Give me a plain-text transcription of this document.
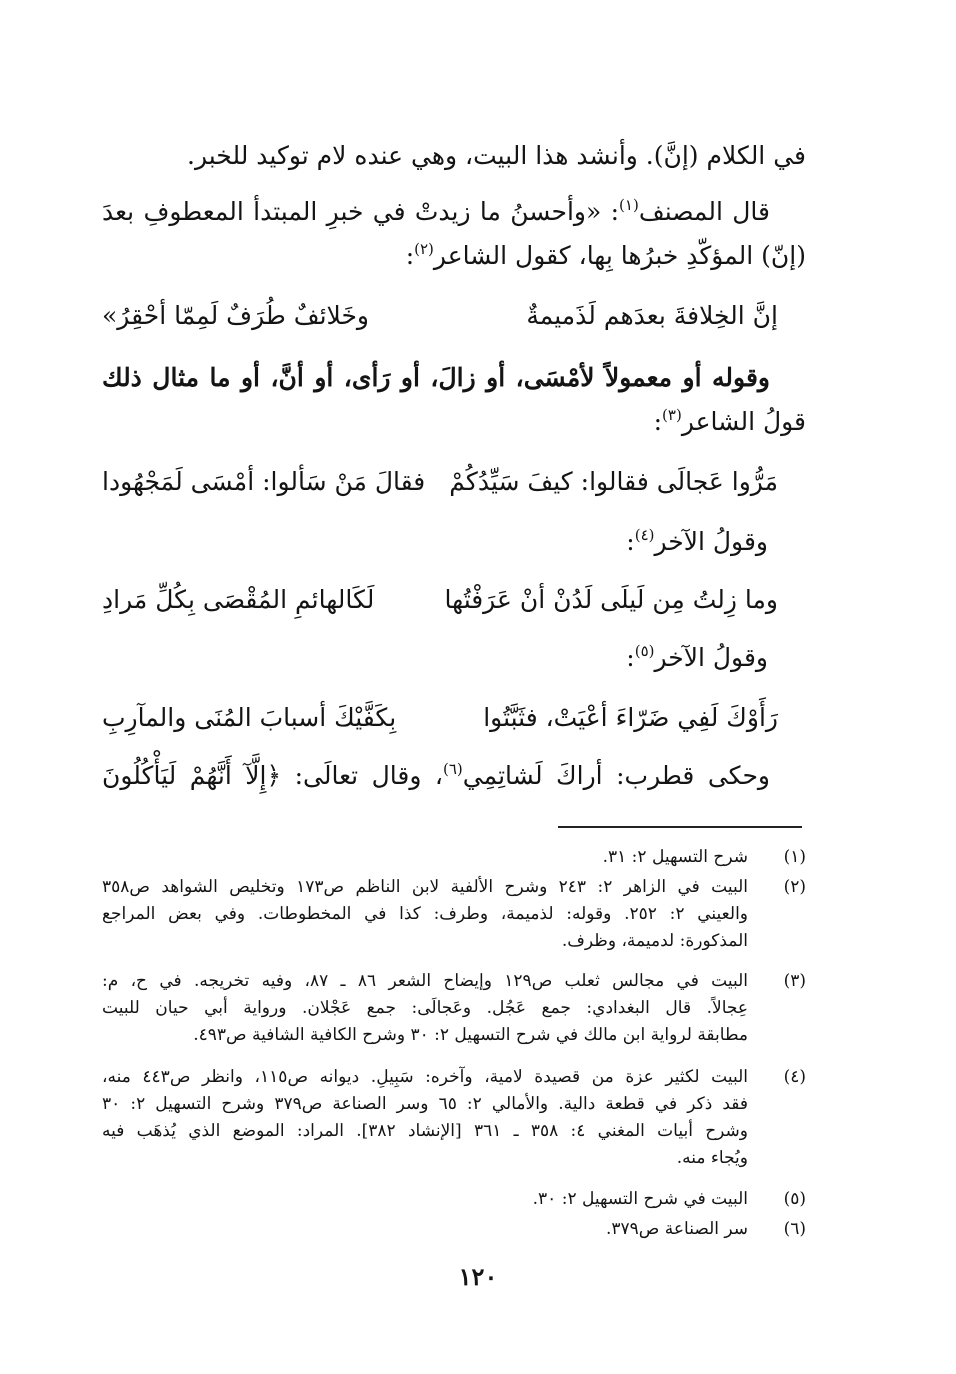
في الكلام (إنَّ). وأنشد هذا البيت، وهي عنده لام توكيد للخبر.
قال المصنف$^{(١)}$: «وأحسنُ ما زيدتْ في خبرِ المبتدأ المعطوفِ بعدَ
(إنّ) المؤكّدِ خبرُها بِها، كقول الشاعر$^{(٢)}$:
إنَّ الخِلافةَ بعدَهم لَذَميمةٌ
وخَلائفٌ طُرَفٌ لَمِمّا أحْقِرُ»
وقوله أو معمولاً لأمْسَى، أو زالَ، أو رَأى، أو أنَّ، أو ما مثال ذلك
قولُ الشاعر$^{(٣)}$:
مَرُّوا عَجالَى فقالوا: كيفَ سَيِّدُكُمْ
فقالَ مَنْ سَألوا: أمْسَى لَمَجْهُودا
وقولُ الآخر$^{(٤)}$:
وما زِلتُ مِن لَيلَى لَدُنْ أنْ عَرَفْتُها
لَكَالهائمِ المُقْصَى بِكُلِّ مَرادِ
وقولُ الآخر$^{(٥)}$:
رَأَوْكَ لَفِي ضَرّاءَ أعْيَتْ، فثَبَّتُوا
بِكَفَّيْكَ أسبابَ المُنَى والمآرِبِ
وحكى قطرب: أراكَ لَشاتِمِي$^{(٦)}$، وقال تعالَى: ﴿إِلَّآ أَنَّهُمْ لَيَأْكُلُونَ
(١)
شرح التسهيل ٢: ٣١.
(٢)
البيت في الزاهر ٢: ٢٤٣ وشرح الألفية لابن الناظم ص١٧٣ وتخليص الشواهد ص٣٥٨
والعيني ٢: ٢٥٢. وقوله: لذميمة، وطرف: كذا في المخطوطات. وفي بعض المراجع
المذكورة: لدميمة، وظرف.
(٣)
البيت في مجالس ثعلب ص١٢٩ وإيضاح الشعر ٨٦ ـ ٨٧، وفيه تخريجه. في ح، م:
عِجالاً. قال البغدادي: جمع عَجُل. وعَجالَى: جمع عَجْلان. ورواية أبي حيان للبيت
مطابقة لرواية ابن مالك في شرح التسهيل ٢: ٣٠ وشرح الكافية الشافية ص٤٩٣.
(٤)
البيت لكثير عزة من قصيدة لامية، وآخره: سَبِيلِ. ديوانه ص١١٥، وانظر ص٤٤٣ منه،
فقد ذكر في قطعة دالية. والأمالي ٢: ٦٥ وسر الصناعة ص٣٧٩ وشرح التسهيل ٢: ٣٠
وشرح أبيات المغني ٤: ٣٥٨ ـ ٣٦١ [الإنشاد ٣٨٢]. المراد: الموضع الذي يُذهَب فيه
ويُجاء منه.
(٥)
البيت في شرح التسهيل ٢: ٣٠.
(٦)
سر الصناعة ص٣٧٩.
١٢٠
